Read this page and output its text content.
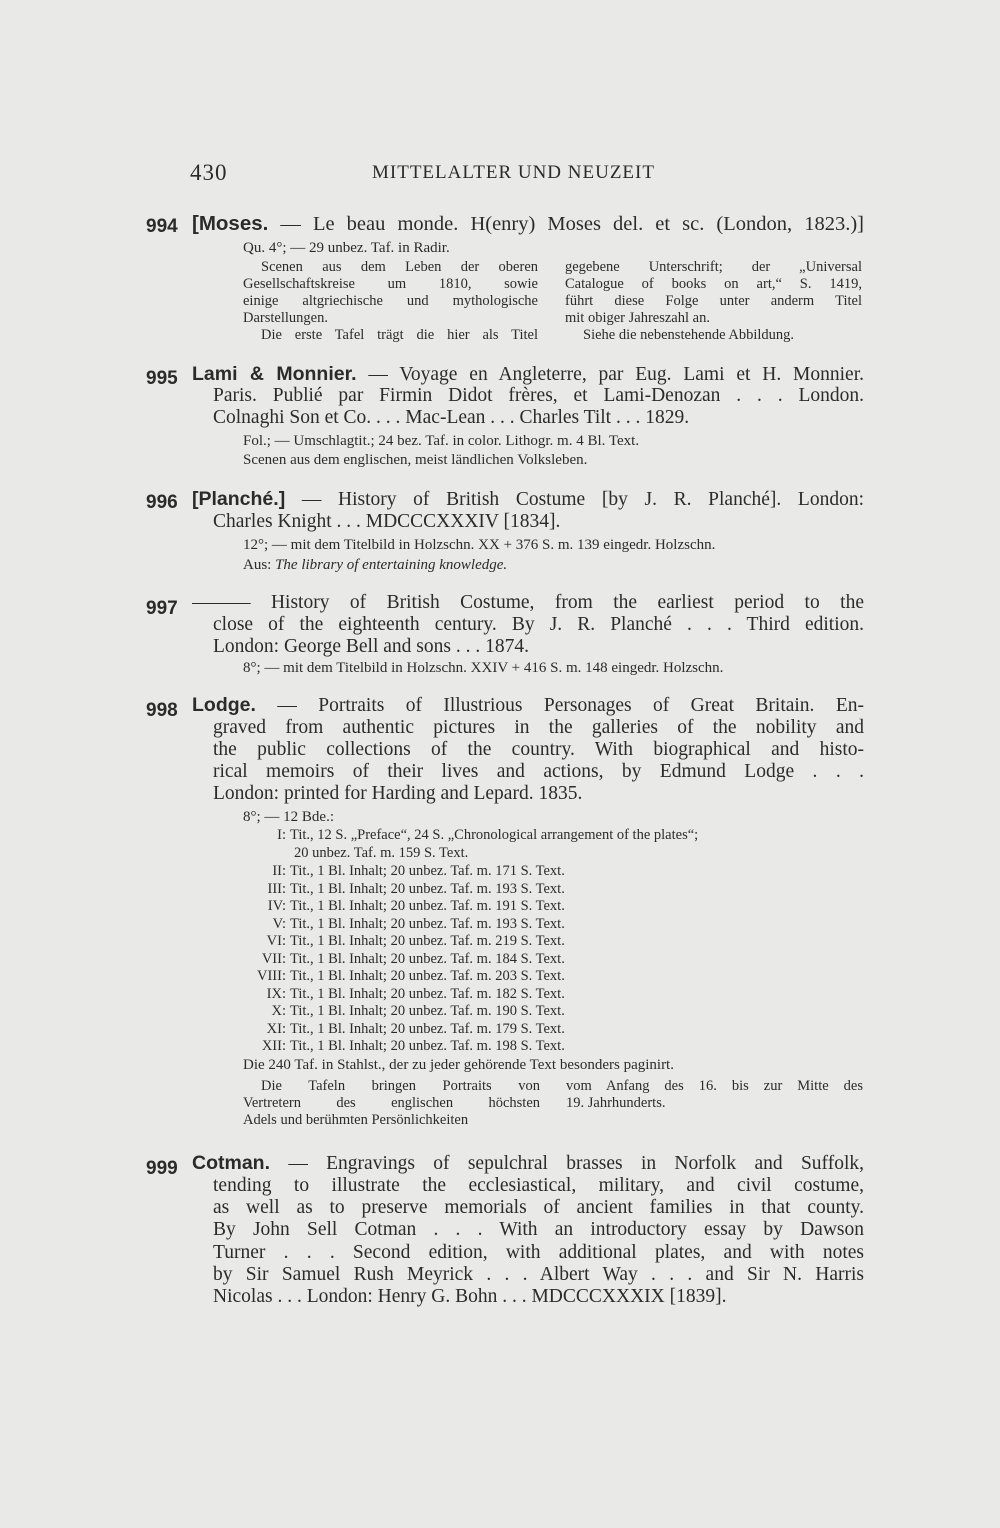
430	MITTELALTER UND NEUZEIT
994 [Moses. — Le beau monde. H(enry) Moses del. et sc. (London, 1823.)]
Qu. 4°; — 29 unbez. Taf. in Radir.

Scenen aus dem Leben der oberen

Gesellschaftskreise um 1810, sowie

einige altgriechische und mythologische

Darstellungen.

Die erste Tafel trägt die hier als Titel

gegebene Unterschrift; der „Universal

Catalogue of books on art,“ S. 1419,

führt diese Folge unter anderm Titel

mit obiger Jahreszahl an.

Siehe die nebenstehende Abbildung.

995 Lami & Monnier. — Voyage en Angleterre, par Eug. Lami et H. Monnier.
Paris. Publié par Firmin Didot frères, et Lami-Denozan . . . London.
Colnaghi Son et Co. . . . Mac-Lean . . . Charles Tilt . . . 1829.
Fol.; — Umschlagtit.; 24 bez. Taf. in color. Lithogr. m. 4 Bl. Text.
Scenen aus dem englischen, meist ländlichen Volksleben.
996 [Planché.] — History of British Costume [by J. R. Planché]. London:
Charles Knight . . . MDCCCXXXIV [1834].
12°; — mit dem Titelbild in Holzschn. XX + 376 S. m. 139 eingedr. Holzschn.
Aus: The library of entertaining knowledge.
997 ——— History of British Costume, from the earliest period to the
close of the eighteenth century. By J. R. Planché . . . Third edition.
London: George Bell and sons . . . 1874.
8°; — mit dem Titelbild in Holzschn. XXIV + 416 S. m. 148 eingedr. Holzschn.
998 Lodge. — Portraits of Illustrious Personages of Great Britain. En-
graved from authentic pictures in the galleries of the nobility and
the public collections of the country. With biographical and histo-
rical memoirs of their lives and actions, by Edmund Lodge . . .
London: printed for Harding and Lepard. 1835.
8°; — 12 Bde.:
I: Tit., 12 S. „Preface“, 24 S. „Chronological arrangement of the plates“;
20 unbez. Taf. m. 159 S. Text.
II: Tit., 1 Bl. Inhalt; 20 unbez. Taf. m. 171 S. Text.
III: Tit., 1 Bl. Inhalt; 20 unbez. Taf. m. 193 S. Text.
IV: Tit., 1 Bl. Inhalt; 20 unbez. Taf. m. 191 S. Text.
V: Tit., 1 Bl. Inhalt; 20 unbez. Taf. m. 193 S. Text.
VI: Tit., 1 Bl. Inhalt; 20 unbez. Taf. m. 219 S. Text.
VII: Tit., 1 Bl. Inhalt; 20 unbez. Taf. m. 184 S. Text.
VIII: Tit., 1 Bl. Inhalt; 20 unbez. Taf. m. 203 S. Text.
IX: Tit., 1 Bl. Inhalt; 20 unbez. Taf. m. 182 S. Text.
X: Tit., 1 Bl. Inhalt; 20 unbez. Taf. m. 190 S. Text.
XI: Tit., 1 Bl. Inhalt; 20 unbez. Taf. m. 179 S. Text.
XII: Tit., 1 Bl. Inhalt; 20 unbez. Taf. m. 198 S. Text.
Die 240 Taf. in Stahlst., der zu jeder gehörende Text besonders paginirt.

Die Tafeln bringen Portraits von

Vertretern des englischen höchsten

Adels und berühmten Persönlichkeiten

vom Anfang des 16. bis zur Mitte des

19. Jahrhunderts.

999 Cotman. — Engravings of sepulchral brasses in Norfolk and Suffolk,
tending to illustrate the ecclesiastical, military, and civil costume,
as well as to preserve memorials of ancient families in that county.
By John Sell Cotman . . . With an introductory essay by Dawson
Turner . . . Second edition, with additional plates, and with notes
by Sir Samuel Rush Meyrick . . . Albert Way . . . and Sir N. Harris
Nicolas . . . London: Henry G. Bohn . . . MDCCCXXXIX [1839].
